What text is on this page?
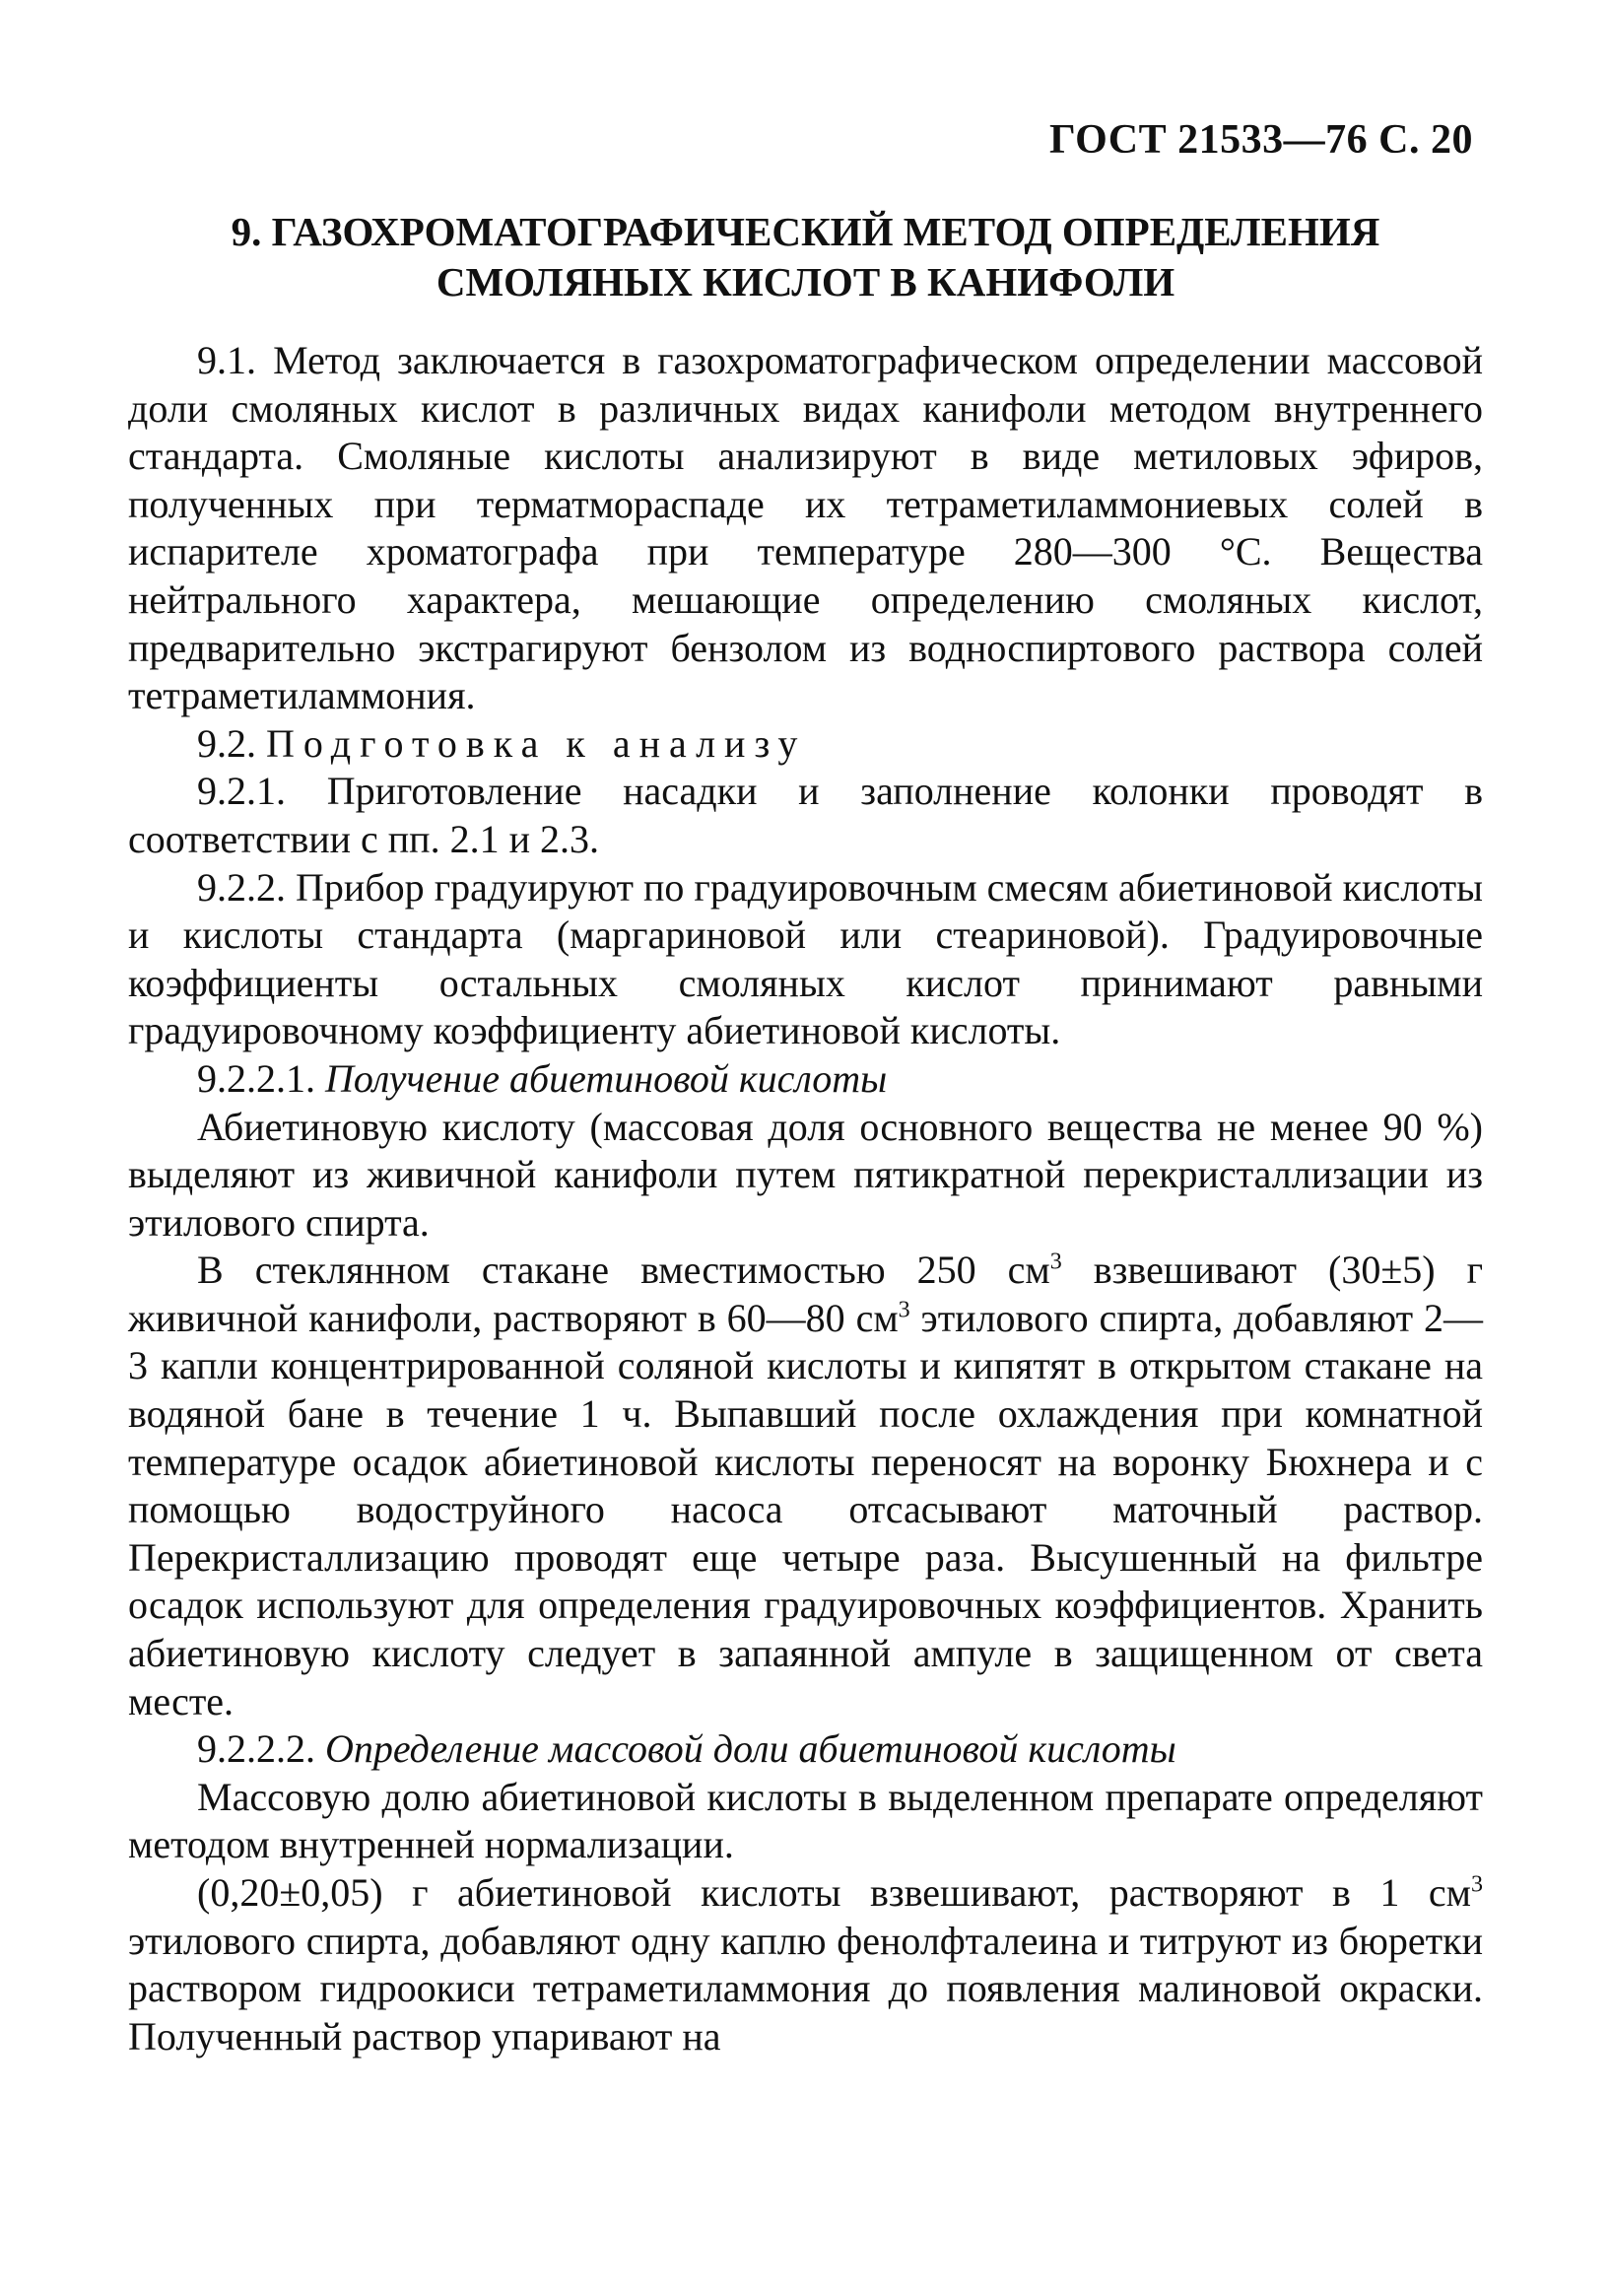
ГОСТ 21533—76 С. 20
9. ГАЗОХРОМАТОГРАФИЧЕСКИЙ МЕТОД ОПРЕДЕЛЕНИЯ
СМОЛЯНЫХ КИСЛОТ В КАНИФОЛИ

9.1. Метод заключается в газохроматографическом определении массовой доли смоляных кислот в различных видах канифоли методом внутреннего стандарта. Смоляные кислоты анализируют в виде метиловых эфиров, полученных при терматмораспаде их тетраметиламмониевых солей в испарителе хроматографа при температуре 280—300 °С. Вещества нейтрального характера, мешающие определению смоляных кислот, предварительно экстрагируют бензолом из водноспиртового раствора солей тетраметиламмония.

9.2. Подготовка к анализу

9.2.1. Приготовление насадки и заполнение колонки проводят в соответствии с пп. 2.1 и 2.3.

9.2.2. Прибор градуируют по градуировочным смесям абиетиновой кислоты и кислоты стандарта (маргариновой или стеариновой). Градуировочные коэффициенты остальных смоляных кислот принимают равными градуировочному коэффициенту абиетиновой кислоты.

9.2.2.1. Получение абиетиновой кислоты

Абиетиновую кислоту (массовая доля основного вещества не менее 90 %) выделяют из живичной канифоли путем пятикратной перекристаллизации из этилового спирта.

В стеклянном стакане вместимостью 250 $см^3$ взвешивают (30±5) г живичной канифоли, растворяют в 60—80 $см^3$ этилового спирта, добавляют 2—3 капли концентрированной соляной кислоты и кипятят в открытом стакане на водяной бане в течение 1 ч. Выпавший после охлаждения при комнатной температуре осадок абиетиновой кислоты переносят на воронку Бюхнера и с помощью водоструйного насоса отсасывают маточный раствор. Перекристаллизацию проводят еще четыре раза. Высушенный на фильтре осадок используют для определения градуировочных коэффициентов. Хранить абиетиновую кислоту следует в запаянной ампуле в защищенном от света месте.

9.2.2.2. Определение массовой доли абиетиновой кислоты

Массовую долю абиетиновой кислоты в выделенном препарате определяют методом внутренней нормализации.

(0,20±0,05) г абиетиновой кислоты взвешивают, растворяют в 1 $см^3$ этилового спирта, добавляют одну каплю фенолфталеина и титруют из бюретки раствором гидроокиси тетраметиламмония до появления малиновой окраски. Полученный раствор упаривают на
